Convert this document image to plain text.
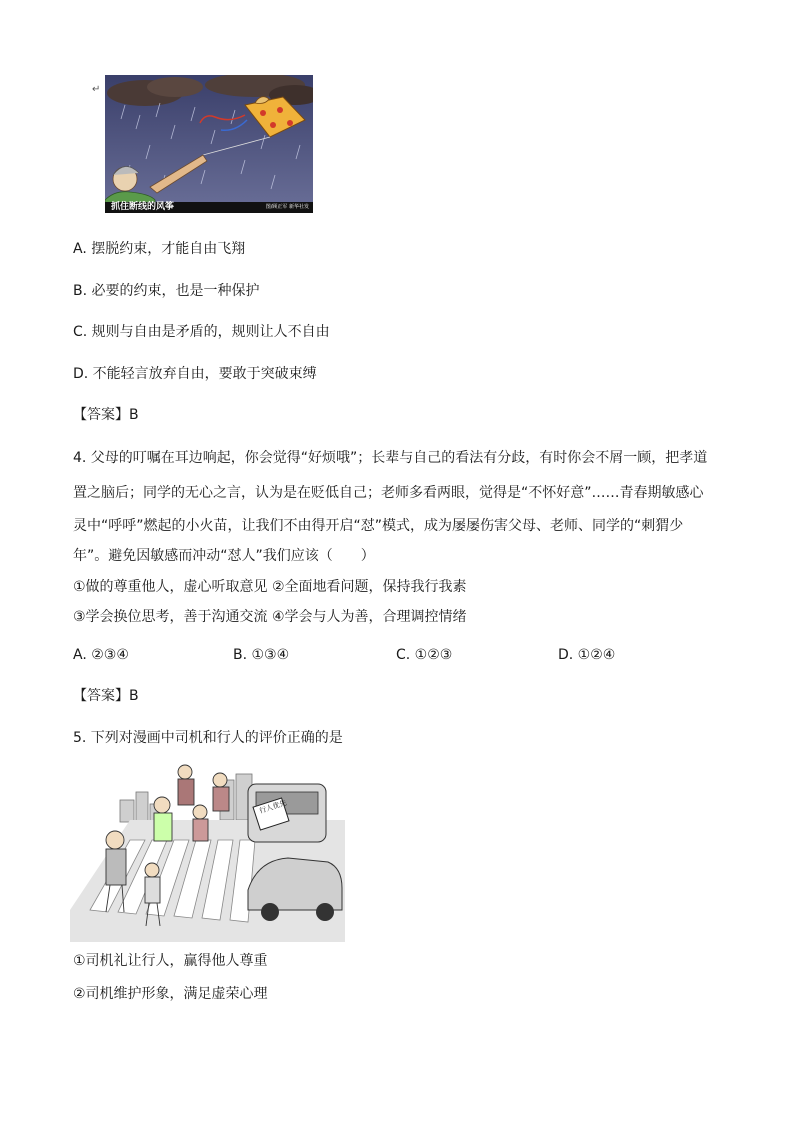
↵
抓住断线的风筝	图/顾正军 新华社发
A. 摆脱约束，才能自由飞翔
B. 必要的约束，也是一种保护
C. 规则与自由是矛盾的，规则让人不自由
D. 不能轻言放弃自由，要敢于突破束缚
【答案】B
4. 父母的叮嘱在耳边响起，你会觉得“好烦哦”；长辈与自己的看法有分歧，有时你会不屑一顾，把孝道
置之脑后；同学的无心之言，认为是在贬低自己；老师多看两眼，觉得是“不怀好意”……青春期敏感心
灵中“呼呼”燃起的小火苗，让我们不由得开启“怼”模式，成为屡屡伤害父母、老师、同学的“刺猬少
年”。避免因敏感而冲动“怼人”我们应该（　　）
①做的尊重他人，虚心听取意见 ②全面地看问题，保持我行我素
③学会换位思考，善于沟通交流 ④学会与人为善，合理调控情绪
A. ②③④	B. ①③④	C. ①②③	D. ①②④
【答案】B
5. 下列对漫画中司机和行人的评价正确的是
行人优先
①司机礼让行人，赢得他人尊重
②司机维护形象，满足虚荣心理
